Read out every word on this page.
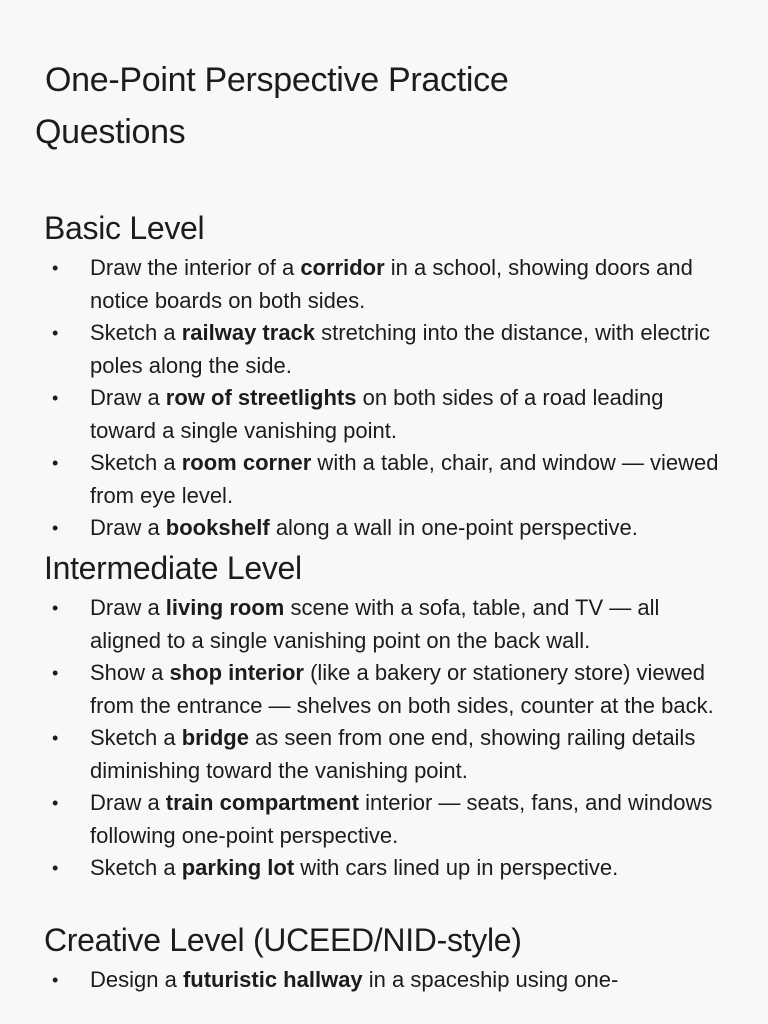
One-Point Perspective Practice
Questions
Basic Level
• Draw the interior of a corridor in a school, showing doors and notice boards on both sides.
• Sketch a railway track stretching into the distance, with electric poles along the side.
• Draw a row of streetlights on both sides of a road leading toward a single vanishing point.
• Sketch a room corner with a table, chair, and window — viewed from eye level.
• Draw a bookshelf along a wall in one-point perspective.
Intermediate Level
• Draw a living room scene with a sofa, table, and TV — all aligned to a single vanishing point on the back wall.
• Show a shop interior (like a bakery or stationery store) viewed from the entrance — shelves on both sides, counter at the back.
• Sketch a bridge as seen from one end, showing railing details diminishing toward the vanishing point.
• Draw a train compartment interior — seats, fans, and windows following one-point perspective.
• Sketch a parking lot with cars lined up in perspective.
Creative Level (UCEED/NID-style)
• Design a futuristic hallway in a spaceship using one-
